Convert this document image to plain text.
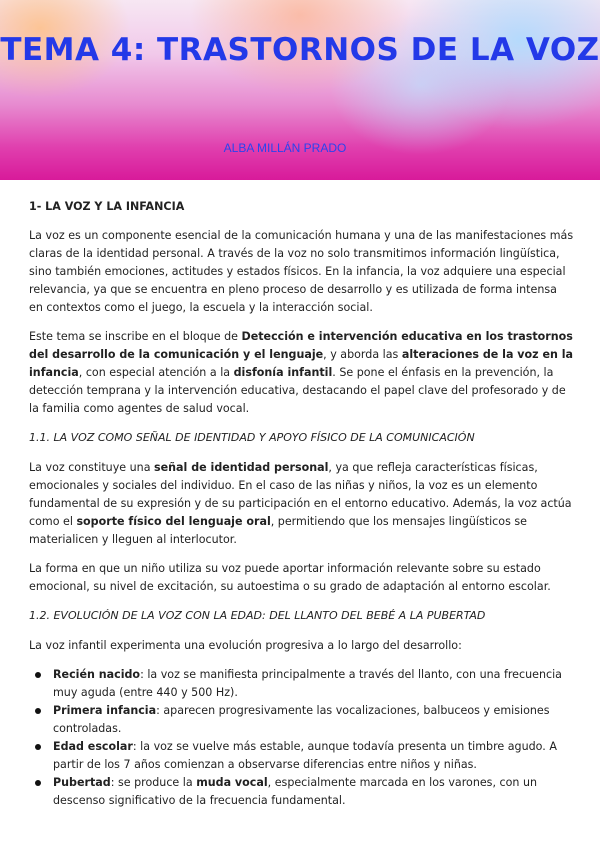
TEMA 4: TRASTORNOS DE LA VOZ
ALBA MILLÁN PRADO
1- LA VOZ Y LA INFANCIA
La voz es un componente esencial de la comunicación humana y una de las manifestaciones más claras de la identidad personal. A través de la voz no solo transmitimos información lingüística, sino también emociones, actitudes y estados físicos. En la infancia, la voz adquiere una especial relevancia, ya que se encuentra en pleno proceso de desarrollo y es utilizada de forma intensa en contextos como el juego, la escuela y la interacción social.
Este tema se inscribe en el bloque de Detección e intervención educativa en los trastornos del desarrollo de la comunicación y el lenguaje, y aborda las alteraciones de la voz en la infancia, con especial atención a la disfonía infantil. Se pone el énfasis en la prevención, la detección temprana y la intervención educativa, destacando el papel clave del profesorado y de la familia como agentes de salud vocal.
1.1. LA VOZ COMO SEÑAL DE IDENTIDAD Y APOYO FÍSICO DE LA COMUNICACIÓN
La voz constituye una señal de identidad personal, ya que refleja características físicas, emocionales y sociales del individuo. En el caso de las niñas y niños, la voz es un elemento fundamental de su expresión y de su participación en el entorno educativo. Además, la voz actúa como el soporte físico del lenguaje oral, permitiendo que los mensajes lingüísticos se materialicen y lleguen al interlocutor.
La forma en que un niño utiliza su voz puede aportar información relevante sobre su estado emocional, su nivel de excitación, su autoestima o su grado de adaptación al entorno escolar.
1.2. EVOLUCIÓN DE LA VOZ CON LA EDAD: DEL LLANTO DEL BEBÉ A LA PUBERTAD
La voz infantil experimenta una evolución progresiva a lo largo del desarrollo:
Recién nacido: la voz se manifiesta principalmente a través del llanto, con una frecuencia muy aguda (entre 440 y 500 Hz).
Primera infancia: aparecen progresivamente las vocalizaciones, balbuceos y emisiones controladas.
Edad escolar: la voz se vuelve más estable, aunque todavía presenta un timbre agudo. A partir de los 7 años comienzan a observarse diferencias entre niños y niñas.
Pubertad: se produce la muda vocal, especialmente marcada en los varones, con un descenso significativo de la frecuencia fundamental.
